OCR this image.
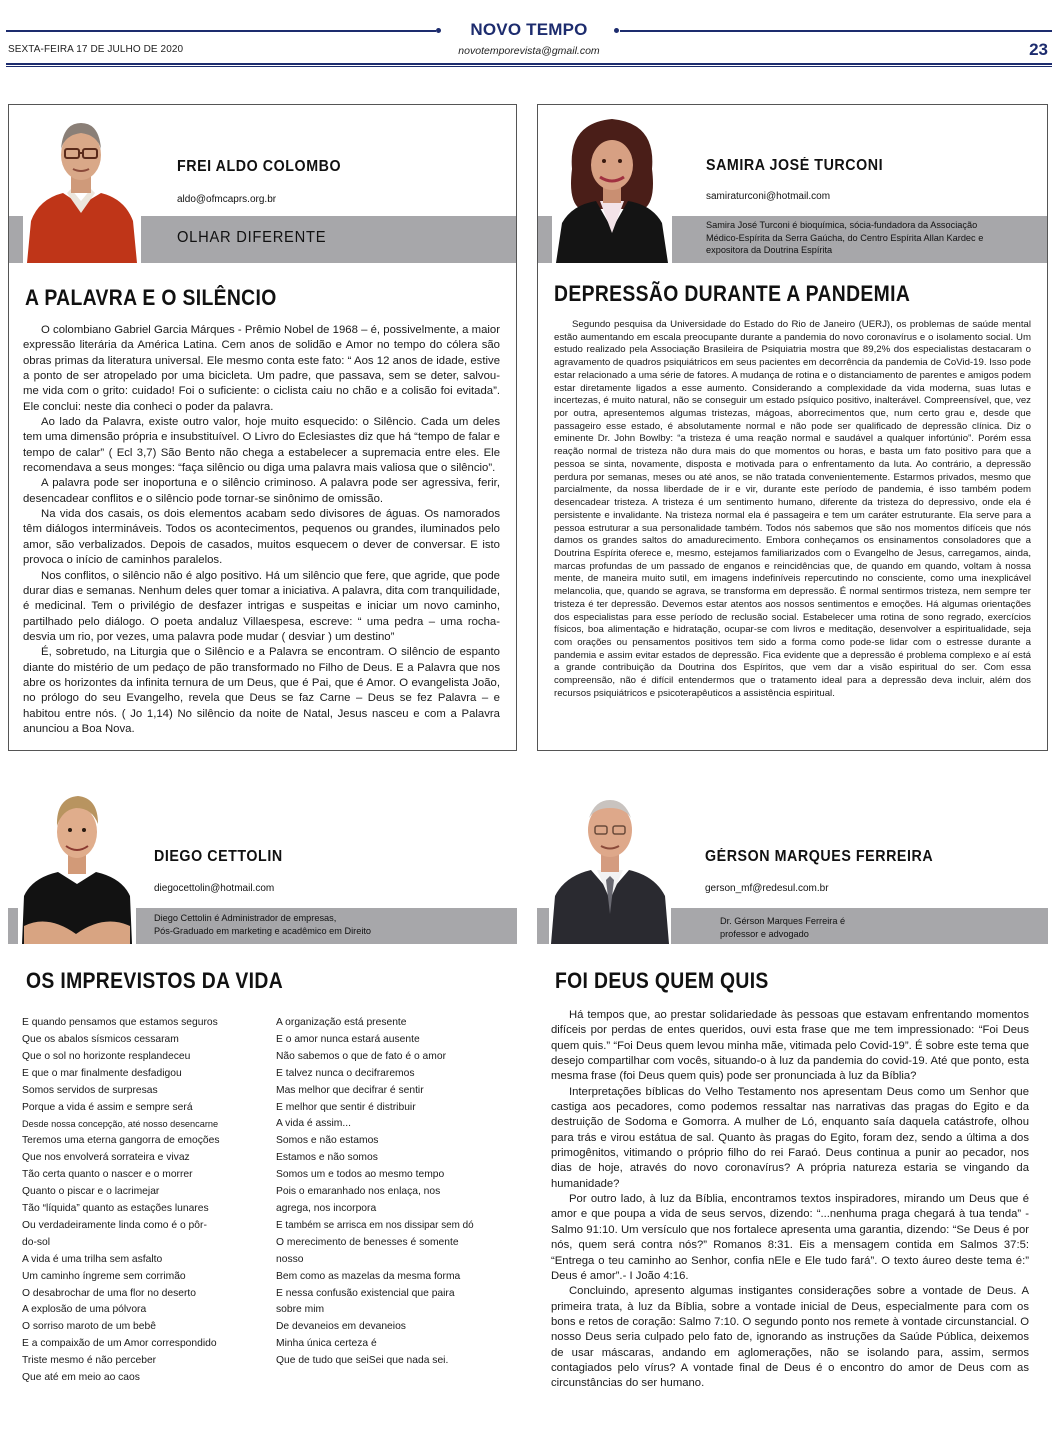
NOVO TEMPO
SEXTA-FEIRA 17 DE JULHO DE 2020	novotemporevista@gmail.com	23
FREI ALDO COLOMBO
aldo@ofmcaprs.org.br
OLHAR DIFERENTE
A PALAVRA E O SILÊNCIO

O colombiano Gabriel Garcia Márques - Prêmio Nobel de 1968 – é, possivelmente, a maior expressão literária da América Latina. Cem anos de solidão e Amor no tempo do cólera são obras primas da literatura universal. Ele mesmo conta este fato: “ Aos 12 anos de idade, estive a ponto de ser atropelado por uma bicicleta. Um padre, que passava, sem se deter, salvou- me vida com o grito: cuidado! Foi o suficiente: o ciclista caiu no chão e a colisão foi evitada”. Ele conclui: neste dia conheci o poder da palavra.

Ao lado da Palavra, existe outro valor, hoje muito esquecido: o Silêncio. Cada um deles tem uma dimensão própria e insubstituível. O Livro do Eclesiastes diz que há “tempo de falar e tempo de calar” ( Ecl 3,7) São Bento não chega a estabelecer a supremacia entre eles. Ele recomendava a seus monges: “faça silêncio ou diga uma palavra mais valiosa que o silêncio”.

A palavra pode ser inoportuna e o silêncio criminoso. A palavra pode ser agressiva, ferir, desencadear conflitos e o silêncio pode tornar-se sinônimo de omissão.

Na vida dos casais, os dois elementos acabam sedo divisores de águas. Os namorados têm diálogos intermináveis. Todos os acontecimentos, pequenos ou grandes, iluminados pelo amor, são verbalizados. Depois de casados, muitos esquecem o dever de conversar. E isto provoca o início de caminhos paralelos.

Nos conflitos, o silêncio não é algo positivo. Há um silêncio que fere, que agride, que pode durar dias e semanas. Nenhum deles quer tomar a iniciativa. A palavra, dita com tranquilidade, é medicinal. Tem o privilégio de desfazer intrigas e suspeitas e iniciar um novo caminho, partilhado pelo diálogo. O poeta andaluz Villaespesa, escreve: “ uma pedra – uma rocha- desvia um rio, por vezes, uma palavra pode mudar ( desviar ) um destino”

É, sobretudo, na Liturgia que o Silêncio e a Palavra se encontram. O silêncio de espanto diante do mistério de um pedaço de pão transformado no Filho de Deus. E a Palavra que nos abre os horizontes da infinita ternura de um Deus, que é Pai, que é Amor. O evangelista João, no prólogo do seu Evangelho, revela que Deus se faz Carne – Deus se fez Palavra – e habitou entre nós. ( Jo 1,14) No silêncio da noite de Natal, Jesus nasceu e com a Palavra anunciou a Boa Nova.

SAMIRA JOSÉ TURCONI
samiraturconi@hotmail.com
Samira José Turconi é bioquímica, sócia-fundadora da Associação Médico-Espírita da Serra Gaúcha, do Centro Espírita Allan Kardec e expositora da Doutrina Espírita
DEPRESSÃO DURANTE A PANDEMIA

Segundo pesquisa da Universidade do Estado do Rio de Janeiro (UERJ), os problemas de saúde mental estão aumentando em escala preocupante durante a pandemia do novo coronavírus e o isolamento social. Um estudo realizado pela Associação Brasileira de Psiquiatria mostra que 89,2% dos especialistas destacaram o agravamento de quadros psiquiátricos em seus pacientes em decorrência da pandemia de CoVid-19. Isso pode estar relacionado a uma série de fatores. A mudança de rotina e o distanciamento de parentes e amigos podem estar diretamente ligados a esse aumento. Considerando a complexidade da vida moderna, suas lutas e incertezas, é muito natural, não se conseguir um estado psíquico positivo, inalterável. Compreensível, que, vez por outra, apresentemos algumas tristezas, mágoas, aborrecimentos que, num certo grau e, desde que passageiro esse estado, é absolutamente normal e não pode ser qualificado de depressão clínica. Diz o eminente Dr. John Bowlby: “a tristeza é uma reação normal e saudável a qualquer infortúnio”. Porém essa reação normal de tristeza não dura mais do que momentos ou horas, e basta um fato positivo para que a pessoa se sinta, novamente, disposta e motivada para o enfrentamento da luta. Ao contrário, a depressão perdura por semanas, meses ou até anos, se não tratada convenientemente. Estarmos privados, mesmo que parcialmente, da nossa liberdade de ir e vir, durante este período de pandemia, é isso também podem desencadear tristeza. A tristeza é um sentimento humano, diferente da tristeza do depressivo, onde ela é persistente e invalidante. Na tristeza normal ela é passageira e tem um caráter estruturante. Ela serve para a pessoa estruturar a sua personalidade também. Todos nós sabemos que são nos momentos difíceis que nós damos os grandes saltos do amadurecimento. Embora conheçamos os ensinamentos consoladores que a Doutrina Espírita oferece e, mesmo, estejamos familiarizados com o Evangelho de Jesus, carregamos, ainda, marcas profundas de um passado de enganos e reincidências que, de quando em quando, voltam à nossa mente, de maneira muito sutil, em imagens indefiníveis repercutindo no consciente, como uma inexplicável melancolia, que, quando se agrava, se transforma em depressão. É normal sentirmos tristeza, nem sempre ter tristeza é ter depressão. Devemos estar atentos aos nossos sentimentos e emoções. Há algumas orientações dos especialistas para esse período de reclusão social. Estabelecer uma rotina de sono regrado, exercícios físicos, boa alimentação e hidratação, ocupar-se com livros e meditação, desenvolver a espiritualidade, seja com orações ou pensamentos positivos tem sido a forma como pode-se lidar com o estresse durante a pandemia e assim evitar estados de depressão. Fica evidente que a depressão é problema complexo e aí está a grande contribuição da Doutrina dos Espíritos, que vem dar a visão espiritual do ser. Com essa compreensão, não é difícil entendermos que o tratamento ideal para a depressão deva incluir, além dos recursos psiquiátricos e psicoterapêuticos a assistência espiritual.

DIEGO CETTOLIN
diegocettolin@hotmail.com
Diego Cettolin é Administrador de empresas,
Pós-Graduado em marketing e acadêmico em Direito
OS IMPREVISTOS DA VIDA
E quando pensamos que estamos seguros
Que os abalos sísmicos cessaram
Que o sol no horizonte resplandeceu
E que o mar finalmente desfadigou
Somos servidos de surpresas
Porque a vida é assim e sempre será
Desde nossa concepção, até nosso desencarne
Teremos uma eterna gangorra de emoções
Que nos envolverá sorrateira e vivaz
Tão certa quanto o nascer e o morrer
Quanto o piscar e o lacrimejar
Tão “líquida” quanto as estações lunares
Ou verdadeiramente linda como é o pôr-
do-sol
A vida é uma trilha sem asfalto
Um caminho íngreme sem corrimão
O desabrochar de uma flor no deserto
A explosão de uma pólvora
O sorriso maroto de um bebê
E a compaixão de um Amor correspondido
Triste mesmo é não perceber
Que até em meio ao caos
A organização está presente
E o amor nunca estará ausente
Não sabemos o que de fato é o amor
E talvez nunca o decifraremos
Mas melhor que decifrar é sentir
E melhor que sentir é distribuir
A vida é assim...
Somos e não estamos
Estamos e não somos
Somos um e todos ao mesmo tempo
Pois o emaranhado nos enlaça, nos
agrega, nos incorpora
E também se arrisca em nos dissipar sem dó
O merecimento de benesses é somente
nosso
Bem como as mazelas da mesma forma
E nessa confusão existencial que paira
sobre mim
De devaneios em devaneios
Minha única certeza é
Que de tudo que seiSei que nada sei.
GÉRSON MARQUES FERREIRA
gerson_mf@redesul.com.br
Dr. Gérson Marques Ferreira é
professor e advogado
FOI DEUS QUEM QUIS

Há tempos que, ao prestar solidariedade às pessoas que estavam enfrentando momentos difíceis por perdas de entes queridos, ouvi esta frase que me tem impressionado: “Foi Deus quem quis.” “Foi Deus quem levou minha mãe, vitimada pelo Covid-19”. É sobre este tema que desejo compartilhar com vocês, situando-o à luz da pandemia do covid-19. Até que ponto, esta mesma frase (foi Deus quem quis) pode ser pronunciada à luz da Bíblia?

Interpretações bíblicas do Velho Testamento nos apresentam Deus como um Senhor que castiga aos pecadores, como podemos ressaltar nas narrativas das pragas do Egito e da destruição de Sodoma e Gomorra. A mulher de Ló, enquanto saía daquela catástrofe, olhou para trás e virou estátua de sal. Quanto às pragas do Egito, foram dez, sendo a última a dos primogênitos, vitimando o próprio filho do rei Faraó. Deus continua a punir ao pecador, nos dias de hoje, através do novo coronavírus? A própria natureza estaria se vingando da humanidade?

Por outro lado, à luz da Bíblia, encontramos textos inspiradores, mirando um Deus que é amor e que poupa a vida de seus servos, dizendo: “...nenhuma praga chegará à tua tenda” - Salmo 91:10. Um versículo que nos fortalece apresenta uma garantia, dizendo: “Se Deus é por nós, quem será contra nós?” Romanos 8:31. Eis a mensagem contida em Salmos 37:5: “Entrega o teu caminho ao Senhor, confia nEle e Ele tudo fará”. O texto áureo deste tema é:” Deus é amor”.- I João 4:16.

Concluindo, apresento algumas instigantes considerações sobre a vontade de Deus. A primeira trata, à luz da Bíblia, sobre a vontade inicial de Deus, especialmente para com os bons e retos de coração: Salmo 7:10. O segundo ponto nos remete à vontade circunstancial. O nosso Deus seria culpado pelo fato de, ignorando as instruções da Saúde Pública, deixemos de usar máscaras, andando em aglomerações, não se isolando para, assim, sermos contagiados pelo vírus? A vontade final de Deus é o encontro do amor de Deus com as circunstâncias do ser humano.
